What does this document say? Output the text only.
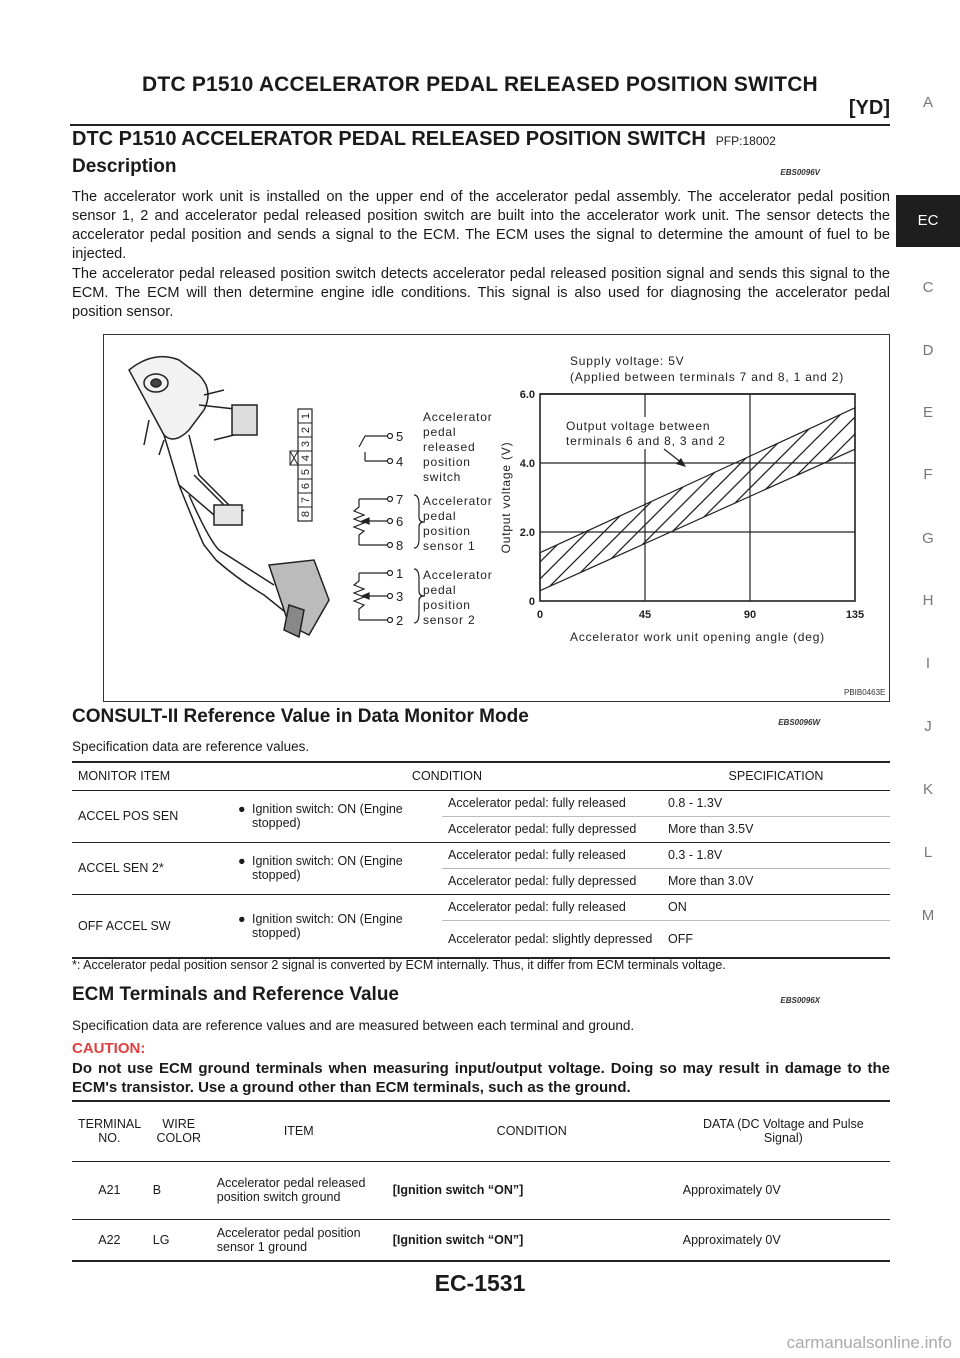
DTC P1510 ACCELERATOR PEDAL RELEASED POSITION SWITCH
[YD]	A
EC
C
D
E
F
G
H
I
J
K
L
M
DTC P1510 ACCELERATOR PEDAL RELEASED POSITION SWITCH PFP:18002
Description	EBS0096V
The accelerator work unit is installed on the upper end of the accelerator pedal assembly. The accelerator pedal position sensor 1, 2 and accelerator pedal released position switch are built into the accelerator work unit. The sensor detects the accelerator pedal position and sends a signal to the ECM. The ECM uses the signal to determine the amount of fuel to be injected.
The accelerator pedal released position switch detects accelerator pedal released position signal and sends this signal to the ECM. The ECM will then determine engine idle conditions. This signal is also used for diagnosing the accelerator pedal position sensor.
8
7
6
5
4
3
2
1
5
4
7
6
8
1
3
2
Accelerator
pedal
released
position
switch
Accelerator
pedal
position
sensor 1
Accelerator
pedal
position
sensor 2
0
2.0
4.0
6.0
0	45	90	135
Accelerator work unit opening angle (deg)
Output voltage (V)
Supply voltage: 5V
(Applied between terminals 7 and 8, 1 and 2)
Output voltage between
terminals 6 and 8, 3 and 2
PBIB0463E
CONSULT-II Reference Value in Data Monitor Mode	EBS0096W
Specification data are reference values.
MONITOR ITEM	CONDITION		SPECIFICATION
ACCEL POS SEN	● Ignition switch: ON (Engine stopped)	Accelerator pedal: fully released	0.8 - 1.3V
		Accelerator pedal: fully depressed	More than 3.5V
ACCEL SEN 2*	● Ignition switch: ON (Engine stopped)	Accelerator pedal: fully released	0.3 - 1.8V
		Accelerator pedal: fully depressed	More than 3.0V
OFF ACCEL SW	● Ignition switch: ON (Engine stopped)	Accelerator pedal: fully released	ON
		Accelerator pedal: slightly depressed	OFF
*: Accelerator pedal position sensor 2 signal is converted by ECM internally. Thus, it differ from ECM terminals voltage.
ECM Terminals and Reference Value	EBS0096X
Specification data are reference values and are measured between each terminal and ground.
CAUTION:
Do not use ECM ground terminals when measuring input/output voltage. Doing so may result in damage to the ECM's transistor. Use a ground other than ECM terminals, such as the ground.
TERMINAL NO.	WIRE COLOR	ITEM	CONDITION	DATA (DC Voltage and Pulse Signal)
A21	B	Accelerator pedal released position switch ground	[Ignition switch “ON”]	Approximately 0V
A22	LG	Accelerator pedal position sensor 1 ground	[Ignition switch “ON”]	Approximately 0V
EC-1531
carmanualsonline.info
